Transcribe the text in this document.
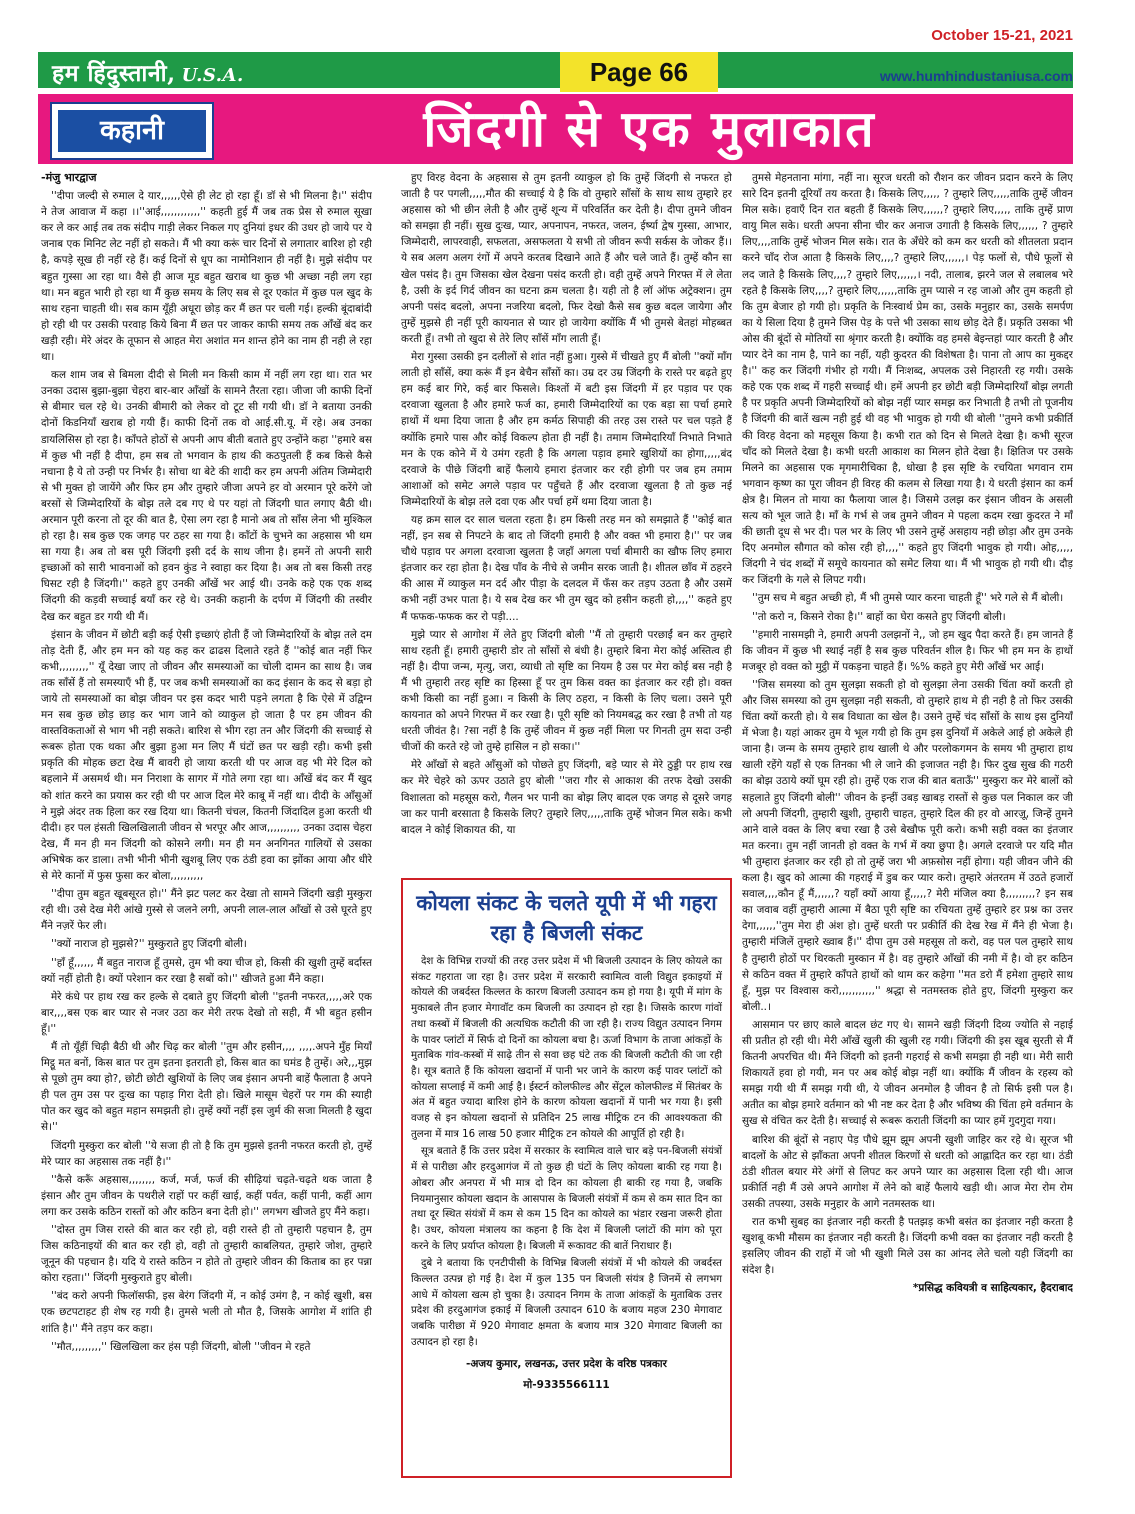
October 15-21, 2021
हम हिंदुस्तानी, U.S.A.	Page 66	www.humhindustaniusa.com
कहानी	जिंदगी से एक मुलाकात

-मंजु भारद्वाज

''दीपा जल्दी से रुमाल दे यार,,,,,,ऐसे ही लेट हो रहा हूँ। डॉ से भी मिलना है।'' संदीप ने तेज आवाज में कहा ।।''आई,,,,,,,,,,,,'' कहती हुई मैं जब तक प्रेस से रुमाल सूखा कर ले कर आई तब तक संदीप गाड़ी लेकर निकल गए दुनियां इधर की उधर हो जाये पर ये जनाब एक मिनिट लेट नहीं हो सकते। मैं भी क्या करूं चार दिनों से लगातार बारिश हो रही है, कपड़े सूख ही नहीं रहे हैं। कई दिनों से धूप का नामोनिशान ही नहीं है। मुझे संदीप पर बहुत गुस्सा आ रहा था। वैसे ही आज मूड बहुत खराब था कुछ भी अच्छा नही लग रहा था। मन बहुत भारी हो रहा था मैं कुछ समय के लिए सब से दूर एकांत में कुछ पल खुद के साथ रहना चाहती थी। सब काम यूँही अधूरा छोड़ कर मैं छत पर चली गई। हल्की बूंदाबांदी हो रही थी पर उसकी परवाह किये बिना मैं छत पर जाकर काफी समय तक आँखें बंद कर खड़ी रही। मेरे अंदर के तूफान से आहत मेरा अशांत मन शान्त होने का नाम ही नही ले रहा था।

कल शाम जब से बिमला दीदी से मिली मन किसी काम में नहीं लग रहा था। रात भर उनका उदास बुझा-बुझा चेहरा बार-बार आँखों के सामने तैरता रहा। जीजा जी काफी दिनों से बीमार चल रहे थे। उनकी बीमारी को लेकर वो टूट सी गयी थी। डॉ ने बताया उनकी दोनों किडनियाँ खराब हो गयी हैं। काफी दिनों तक वो आई.सी.यू. में रहे। अब उनका डायलिसिस हो रहा है। काँपते होठों से अपनी आप बीती बताते हुए उन्होंने कहा ''हमारे बस में कुछ भी नहीं है दीपा, हम सब तो भगवान के हाथ की कठपुतली हैं कब किसे कैसे नचाना है ये तो उन्ही पर निर्भर है। सोचा था बेटे की शादी कर हम अपनी अंतिम जिम्मेदारी से भी मुक्त हो जायेंगे और फिर हम और तुम्हारे जीजा अपने हर वो अरमान पूरे करेंगे जो बरसों से जिम्मेदारियों के बोझ तले दब गए थे पर यहां तो जिंदगी घात लगाए बैठी थी। अरमान पूरी करना तो दूर की बात है, ऐसा लग रहा है मानो अब तो साँस लेना भी मुश्किल हो रहा है। सब कुछ एक जगह पर ठहर सा गया है। काँटों के चुभने का अहसास भी थम सा गया है। अब तो बस पूरी जिंदगी इसी दर्द के साथ जीना है। हमनें तो अपनी सारी इच्छाओं को सारी भावनाओं को हवन कुंड ने स्वाहा कर दिया है। अब तो बस किसी तरह घिसट रही है जिंदगी।'' कहते हुए उनकी आँखें भर आई थी। उनके कहे एक एक शब्द जिंदगी की कड़वी सच्चाई बयाँ कर रहे थे। उनकी कहानी के दर्पण में जिंदगी की तस्वीर देख कर बहुत डर गयी थी मैं।

इंसान के जीवन में छोटी बड़ी कई ऐसी इच्छाएं होती हैं जो जिम्मेदारियों के बोझ तले दम तोड़ देती हैं, और हम मन को यह कह कर ढाढस दिलाते रहते हैं ''कोई बात नहीं फिर कभी,,,,,,,,,'' यूँ देखा जाए तो जीवन और समस्याओं का चोली दामन का साथ है। जब तक साँसें हैं तो समस्याएँ भी हैं, पर जब कभी समस्याओं का कद इंसान के कद से बड़ा हो जाये तो समस्याओं का बोझ जीवन पर इस कदर भारी पड़ने लगता है कि ऐसे में उद्विग्न मन सब कुछ छोड़ छाड़ कर भाग जाने को व्याकुल हो जाता है पर हम जीवन की वास्तविकताओं से भाग भी नही सकते। बारिश से भीग रहा तन और जिंदगी की सच्चाई से रूबरू होता एक थका और बुझा हुआ मन लिए मैं घंटों छत पर खड़ी रही। कभी इसी प्रकृति की मोहक छटा देख मैं बावरी हो जाया करती थी पर आज वह भी मेरे दिल को बहलाने में असमर्थ थी। मन निराशा के सागर में गोते लगा रहा था। आँखें बंद कर मैं खुद को शांत करने का प्रयास कर रही थी पर आज दिल मेरे काबू में नहीं था। दीदी के आँसुओं ने मुझे अंदर तक हिला कर रख दिया था। कितनी चंचल, कितनी जिंदादिल हुआ करती थी दीदी। हर पल हंसती खिलखिलाती जीवन से भरपूर और आज,,,,,,,,,, उनका उदास चेहरा देख, मैं मन ही मन जिंदगी को कोसने लगी। मन ही मन अनगिनत गालियों से उसका अभिषेक कर डाला। तभी भीनी भीनी खुशबू लिए एक ठंडी हवा का झोंका आया और धीरे से मेरे कानों में फुस फुसा कर बोला,,,,,,,,,,

''दीपा तुम बहुत खूबसूरत हो।'' मैंने झट पलट कर देखा तो सामने जिंदगी खड़ी मुस्कुरा रही थी। उसे देख मेरी आंखे गुस्से से जलने लगी, अपनी लाल-लाल आँखों से उसे घूरते हुए मैंने नज़रें फेर ली।

''क्यों नाराज हो मुझसे?'' मुस्कुराते हुए जिंदगी बोली।

''हाँ हूँ,,,,,, मैं बहुत नाराज हूँ तुमसे, तुम भी क्या चीज हो, किसी की खुशी तुम्हें बर्दास्त क्यों नहीं होती है। क्यों परेशान कर रखा है सबों को।'' खीजते हुआ मैंने कहा।

मेरे कंधे पर हाथ रख कर हल्के से दबाते हुए जिंदगी बोली ''इतनी नफरत,,,,,अरे एक बार,,,,बस एक बार प्यार से नजर उठा कर मेरी तरफ देखो तो सही, मैं भी बहुत हसीन हूँ।''

मैं तो यूँहीं चिढ़ी बैठी थी और चिढ़ कर बोली ''तुम और हसीन,,,, ,,,,.अपने मुँह मियाँ मिट्ठू मत बनों, किस बात पर तुम इतना इतराती हो, किस बात का घमंड है तुम्हें। अरे,,,मुझ से पूछो तुम क्या हो?, छोटी छोटी खुशियों के लिए जब इंसान अपनी बाहें फैलाता है अपने ही पल तुम उस पर दुःख का पहाड़ गिरा देती हो। खिले मासूम चेहरों पर गम की स्याही पोत कर खुद को बहुत महान समझती हो। तुम्हें क्यों नहीं इस जुर्म की सजा मिलती है खुदा से।''

जिंदगी मुस्कुरा कर बोली ''ये सजा ही तो है कि तुम मुझसे इतनी नफरत करती हो, तुम्हें मेरे प्यार का अहसास तक नहीं है।''

''कैसे करूँ अहसास,,,,,,,, कर्ज, मर्ज, फर्ज की सीढ़ियां चढ़ते-चढ़ते थक जाता है इंसान और तुम जीवन के पथरीले राहों पर कहीं खाई, कहीं पर्वत, कहीं पानी, कहीं आग लगा कर उसके कठिन रास्तों को और कठिन बना देती हो।'' लगभग खीजते हुए मैंने कहा।

''दोस्त तुम जिस रास्ते की बात कर रही हो, वही रास्ते ही तो तुम्हारी पहचान है, तुम जिस कठिनाइयों की बात कर रही हो, वही तो तुम्हारी काबलियत, तुम्हारे जोश, तुम्हारे जूनून की पहचान है। यदि ये रास्ते कठिन न होते तो तुम्हारे जीवन की किताब का हर पन्ना कोरा रहता।'' जिंदगी मुस्कुराते हुए बोली।

''बंद करो अपनी फिलॉसफी, इस बेरंग जिंदगी में, न कोई उमंग है, न कोई खुशी, बस एक छटपटाहट ही शेष रह गयी है। तुमसे भली तो मौत है, जिसके आगोश में शांति ही शांति है।'' मैंने तड़प कर कहा।

''मौत,,,,,,,,,'' खिलखिला कर हंस पड़ी जिंदगी, बोली ''जीवन मे रहते

हुए विरह वेदना के अहसास से तुम इतनी व्याकुल हो कि तुम्हें जिंदगी से नफरत हो जाती है पर पगली,,,,,मौत की सच्चाई ये है कि वो तुम्हारे साँसों के साथ साथ तुम्हारे हर अहसास को भी छीन लेती है और तुम्हें शून्य में परिवर्तित कर देती है। दीपा तुमने जीवन को समझा ही नहीं। सुख दुःख, प्यार, अपनापन, नफरत, जलन, ईर्ष्या द्वेष गुस्सा, आभार, जिम्मेदारी, लापरवाही, सफलता, असफलता ये सभी तो जीवन रूपी सर्कस के जोकर हैं।। ये सब अलग अलग रंगों में अपने करतब दिखाने आते हैं और चले जाते हैं। तुम्हें कौन सा खेल पसंद है। तुम जिसका खेल देखना पसंद करती हो। वही तुम्हें अपने गिरफ्त में ले लेता है, उसी के इर्द गिर्द जीवन का घटना क्रम चलता है। यही तो है लॉ ऑफ अट्रेक्शन। तुम अपनी पसंद बदलो, अपना नजरिया बदलो, फिर देखो कैसे सब कुछ बदल जायेगा और तुम्हें मुझसे ही नहीं पूरी कायनात से प्यार हो जायेगा क्योंकि मैं भी तुमसे बेतहां मोहब्बत करती हूँ। तभी तो खुदा से तेरे लिए साँसें माँग लाती हूँ।

मेरा गुस्सा उसकी इन दलीलों से शांत नहीं हुआ। गुस्से में चीखते हुए मैं बोली ''क्यों माँग लाती हो साँसें, क्या करूं मैं इन बेचैन साँसों का। उम्र दर उम्र जिंदगी के रास्ते पर बढ़ते हुए हम कई बार गिरे, कई बार फिसले। किश्तों में बटी इस जिंदगी में हर पड़ाव पर एक दरवाजा खुलता है और हमारे फर्ज का, हमारी जिम्मेदारियों का एक बड़ा सा पर्चा हमारे हाथों में थमा दिया जाता है और हम कर्मठ सिपाही की तरह उस रास्ते पर चल पड़ते हैं क्योंकि हमारे पास और कोई विकल्प होता ही नहीं है। तमाम जिम्मेदारियाँ निभाते निभाते मन के एक कोने में ये उमंग रहती है कि अगला पड़ाव हमारे खुशियों का होगा,,,,,बंद दरवाजे के पीछे जिंदगी बाहें फैलाये हमारा इंतजार कर रही होगी पर जब हम तमाम आशाओं को समेट अगले पड़ाव पर पहुँचते हैं और दरवाजा खुलता है तो कुछ नई जिम्मेदारियों के बोझ तले दवा एक और पर्चा हमें थमा दिया जाता है।

यह क्रम साल दर साल चलता रहता है। हम किसी तरह मन को समझाते हैं ''कोई बात नहीं, इन सब से निपटने के बाद तो जिंदगी हमारी है और वक्त भी हमारा है।'' पर जब चौथे पड़ाव पर अगला दरवाजा खुलता है जहाँ अगला पर्चा बीमारी का खौफ लिए हमारा इंतजार कर रहा होता है। देख पाँव के नीचे से जमीन सरक जाती है। शीतल छाँव में ठहरने की आस में व्याकुल मन दर्द और पीड़ा के दलदल में फँस कर तड़प उठता है और उसमें कभी नहीं उभर पाता है। ये सब देख कर भी तुम खुद को हसीन कहती हो,,,,'' कहते हुए मैं फफक-फफक कर रो पड़ी....

मुझे प्यार से आगोश में लेते हुए जिंदगी बोली ''मैं तो तुम्हारी परछाईं बन कर तुम्हारे साथ रहती हूँ। हमारी तुम्हारी डोर तो साँसों से बंधी है। तुम्हारे बिना मेरा कोई अस्तित्व ही नहीं है। दीपा जन्म, मृत्यु, जरा, व्याधी तो सृष्टि का नियम है उस पर मेरा कोई बस नही है मैं भी तुम्हारी तरह सृष्टि का हिस्सा हूँ पर तुम किस वक्त का इंतजार कर रही हो। वक्त कभी किसी का नहीं हुआ। न किसी के लिए ठहरा, न किसी के लिए चला। उसने पूरी कायनात को अपने गिरफ्त में कर रखा है। पूरी सृष्टि को नियमबद्ध कर रखा है तभी तो यह धरती जीवंत है। ?सा नहीं है कि तुम्हें जीवन में कुछ नहीं मिला पर गिनती तुम सदा उन्ही चीजों की करते रहे जो तुम्हे हासिल न हो सका।''

मेरे आँखों से बहते आँसुओं को पोछते हुए जिंदगी, बड़े प्यार से मेरे ठुड्डी पर हाथ रख कर मेरे चेहरे को ऊपर उठाते हुए बोली ''जरा गौर से आकाश की तरफ देखो उसकी विशालता को महसूस करो, गैलन भर पानी का बोझ लिए बादल एक जगह से दूसरे जगह जा कर पानी बरसाता है किसके लिए? तुम्हारे लिए,,,,,ताकि तुम्हें भोजन मिल सके। कभी बादल ने कोई शिकायत की, या

कोयला संकट के चलते यूपी में भी गहरा रहा है बिजली संकट

देश के विभिन्न राज्यों की तरह उत्तर प्रदेश में भी बिजली उत्पादन के लिए कोयले का संकट गहराता जा रहा है। उत्तर प्रदेश में सरकारी स्वामित्व वाली विद्युत इकाइयों में कोयले की जबर्दस्त किल्लत के कारण बिजली उत्पादन कम हो गया है। यूपी में मांग के मुकाबले तीन हजार मेगावॉट कम बिजली का उत्पादन हो रहा है। जिसके कारण गांवों तथा कस्बों में बिजली की अत्यधिक कटौती की जा रही है। राज्य विद्युत उत्पादन निगम के पावर प्लांटों में सिर्फ दो दिनों का कोयला बचा है। ऊर्जा विभाग के ताजा आंकड़ों के मुताबिक गांव-कस्बों में साढ़े तीन से सवा छह घंटे तक की बिजली कटौती की जा रही है। सूत्र बताते हैं कि कोयला खदानों में पानी भर जाने के कारण कई पावर प्लांटों को कोयला सप्लाई में कमी आई है। ईस्टर्न कोलफील्ड और सेंट्रल कोलफील्ड में सितंबर के अंत में बहुत ज्यादा बारिश होने के कारण कोयला खदानों में पानी भर गया है। इसी वजह से इन कोयला खदानों से प्रतिदिन 25 लाख मीट्रिक टन की आवश्यकता की तुलना में मात्र 16 लाख 50 हजार मीट्रिक टन कोयले की आपूर्ति हो रही है।

सूत्र बताते हैं कि उत्तर प्रदेश में सरकार के स्वामित्व वाले चार बड़े पन-बिजली संयंत्रों में से पारीछा और हरदुआगंज में तो कुछ ही घंटों के लिए कोयला बाकी रह गया है। ओबरा और अनपरा में भी मात्र दो दिन का कोयला ही बाकी रह गया है, जबकि नियमानुसार कोयला खदान के आसपास के बिजली संयंत्रों में कम से कम सात दिन का तथा दूर स्थित संयंत्रों में कम से कम 15 दिन का कोयले का भंडार रखना जरूरी होता है। उधर, कोयला मंत्रालय का कहना है कि देश में बिजली प्लांटों की मांग को पूरा करने के लिए प्रर्याप्त कोयला है। बिजली में रूकावट की बातें निराधार हैं।

दुबे ने बताया कि एनटीपीसी के विभिन्न बिजली संयंत्रों में भी कोयले की जबर्दस्त किल्लत उत्पन्न हो गई है। देश में कुल 135 पन बिजली संयंत्र है जिनमें से लगभग आधे में कोयला खत्म हो चुका है। उत्पादन निगम के ताजा आंकड़ों के मुताबिक उत्तर प्रदेश की हरदुआगंज इकाई में बिजली उत्पादन 610 के बजाय महज 230 मेगावाट जबकि पारीछा में 920 मेगावाट क्षमता के बजाय मात्र 320 मेगावाट बिजली का उत्पादन हो रहा है।

-अजय कुमार, लखनऊ, उत्तर प्रदेश के वरिष्ठ पत्रकार
मो-9335566111

तुमसे मेहनताना मांगा, नहीं ना। सूरज धरती को रौशन कर जीवन प्रदान करने के लिए सारे दिन इतनी दूरियाँ तय करता है। किसके लिए,,,,, ? तुम्हारे लिए,,,,,ताकि तुम्हें जीवन मिल सके। हवाएँ दिन रात बहती हैं किसके लिए,,,,,,? तुम्हारे लिए,,,,, ताकि तुम्हें प्राण वायु मिल सके। धरती अपना सीना चीर कर अनाज उगाती है किसके लिए,,,,,, ? तुम्हारे लिए,,,,ताकि तुम्हें भोजन मिल सके। रात के अँधेरे को कम कर धरती को शीतलता प्रदान करने चाँद रोज आता है किसके लिए,,,,? तुम्हारे लिए,,,,,,। पेड़ फलों से, पौधे फूलों से लद जाते है किसके लिए,,,,? तुम्हारे लिए,,,,,,। नदी, तालाब, झरने जल से लबालब भरे रहते है किसके लिए,,,,? तुम्हारे लिए,,,,,,ताकि तुम प्यासे न रह जाओ और तुम कहती हो कि तुम बेजार हो गयी हो। प्रकृति के निःस्वार्थ प्रेम का, उसके मनुहार का, उसके समर्पण का ये सिला दिया है तुमने जिस पेड़ के पत्ते भी उसका साथ छोड़ देते हैं। प्रकृति उसका भी ओस की बूंदों से मोतियों सा श्रृंगार करती है। क्योंकि वह हमसे बेइन्तहां प्यार करती है और प्यार देने का नाम है, पाने का नहीं, यही कुदरत की विशेषता है। पाना तो आप का मुकद्दर है।'' कह कर जिंदगी गंभीर हो गयी। मैं निःशब्द, अपलक उसे निहारती रह गयी। उसके कहे एक एक शब्द में गहरी सच्चाई थी। हमें अपनी हर छोटी बड़ी जिम्मेदारियाँ बोझ लगती है पर प्रकृति अपनी जिम्मेदारियों को बोझ नहीं प्यार समझ कर निभाती है तभी तो पूजनीय है जिंदगी की बातें खत्म नही हुई थी वह भी भावुक हो गयी थी बोली ''तुमने कभी प्रकीर्ति की विरह वेदना को महसूस किया है। कभी रात को दिन से मिलते देखा है। कभी सूरज चाँद को मिलते देखा है। कभी धरती आकाश का मिलन होते देखा है। क्षितिज पर उसके मिलने का अहसास एक मृगमारीचिका है, धोखा है इस सृष्टि के रचयिता भगवान राम भगवान कृष्ण का पूरा जीवन ही विरह की कलम से लिखा गया है। ये धरती इंसान का कर्म क्षेत्र है। मिलन तो माया का फैलाया जाल है। जिसमे उलझ कर इंसान जीवन के असली सत्य को भूल जाते है। माँ के गर्भ से जब तुमने जीवन मे पहला कदम रखा कुदरत ने माँ की छाती दूध से भर दी। पल भर के लिए भी उसने तुम्हें असहाय नही छोड़ा और तुम उनके दिए अनमोल सौगात को कोस रही हो,,,,'' कहते हुए जिंदगी भावुक हो गयी। ओह,,,,, जिंदगी ने चंद शब्दों में समूचे कायनात को समेट लिया था। मैं भी भावुक हो गयी थी। दौड़ कर जिंदगी के गले से लिपट गयी।

''तुम सच मे बहुत अच्छी हो, मैं भी तुमसे प्यार करना चाहती हूँ'' भरे गले से मैं बोली।

''तो करो न, किसने रोका है।'' बाहों का घेरा कसते हुए जिंदगी बोली।

''हमारी नासमझी ने, हमारी अपनी उलझनों ने,, जो हम खुद पैदा करते हैं। हम जानते हैं कि जीवन में कुछ भी स्थाई नहीं है सब कुछ परिवर्तन शील है। फिर भी हम मन के हाथों मजबूर हो वक्त को मुट्ठी में पकड़ना चाहते हैं। %% कहते हुए मेरी आँखें भर आई।

''जिस समस्या को तुम सुलझा सकती हो वो सुलझा लेना उसकी चिंता क्यों करती हो और जिस समस्या को तुम सुलझा नही सकती, वो तुम्हारे हाथ मे ही नही है तो फिर उसकी चिंता क्यों करती हो। ये सब विधाता का खेल है। उसने तुम्हें चंद साँसों के साथ इस दुनियाँ में भेजा है। यहां आकर तुम ये भूल गयी हो कि तुम इस दुनियाँ में अकेले आई हो अकेले ही जाना है। जन्म के समय तुम्हारे हाथ खाली थे और परलोकगमन के समय भी तुम्हारा हाथ खाली रहेंगे यहाँ से एक तिनका भी ले जाने की इजाजत नही है। फिर दुख सुख की गठरी का बोझ उठाये क्यों घूम रही हो। तुम्हें एक राज की बात बताऊँ'' मुस्कुरा कर मेरे बालों को सहलाते हुए जिंदगी बोली'' जीवन के इन्हीं उबड़ खाबड़ रास्तों से कुछ पल निकाल कर जी लो अपनी जिंदगी, तुम्हारी खुशी, तुम्हारी चाहत, तुम्हारे दिल की हर वो आरज़ू, जिन्हें तुमने आने वाले वक्त के लिए बचा रखा है उसे बेखौफ पूरी करो। कभी सही वक्त का इंतजार मत करना। तुम नहीं जानती हो वक्त के गर्भ में क्या छुपा है। अगले दरवाजे पर यदि मौत भी तुम्हारा इंतजार कर रही हो तो तुम्हें जरा भी अफ़सोस नहीं होगा। यही जीवन जीने की कला है। खुद को आत्मा की गहराई में डुब कर प्यार करो। तुम्हारे अंतरतम में उठते हजारों सवाल,,,,कौन हूँ मैं,,,,,,? यहाँ क्यों आया हूँ,,,,,? मेरी मंजिल क्या है,,,,,,,,,? इन सब का जवाब वहीं तुम्हारी आत्मा में बैठा पूरी सृष्टि का रचियता तुम्हें तुम्हारे हर प्रश्न का उत्तर देगा,,,,,,''तुम मेरा ही अंश हो। तुम्हें धरती पर प्रकीर्ति की देख रेख में मैंने ही भेजा है। तुम्हारी मंजिलें तुम्हारे ख्वाब हैं।'' दीपा तुम उसे महसूस तो करो, वह पल पल तुम्हारे साथ है तुम्हारी होठों पर थिरकती मुस्कान में है। वह तुम्हारे आँखों की नमी में है। वो हर कठिन से कठिन वक्त में तुम्हारे काँपते हाथों को थाम कर कहेगा ''मत डरो मैं हमेशा तुम्हारे साथ हूँ, मुझ पर विश्वास करो,,,,,,,,,,,'' श्रद्धा से नतमस्तक होते हुए, जिंदगी मुस्कुरा कर बोली..।

आसमान पर छाए काले बादल छंट गए थे। सामने खड़ी जिंदगी दिव्य ज्योति से नहाई सी प्रतीत हो रही थी। मेरी आँखें खुली की खुली रह गयी। जिंदगी की इस खूब सुरती से मैं कितनी अपरचित थी। मैंने जिंदगी को इतनी गहराई से कभी समझा ही नही था। मेरी सारी शिकायतें हवा हो गयी, मन पर अब कोई बोझ नहीं था। क्योंकि मैं जीवन के रहस्य को समझ गयी थी मैं समझ गयी थी, ये जीवन अनमोल है जीवन है तो सिर्फ इसी पल है। अतीत का बोझ हमारे वर्तमान को भी नष्ट कर देता है और भविष्य की चिंता हमे वर्तमान के सुख से वंचित कर देती है। सच्चाई से रूबरू कराती जिंदगी का प्यार हमें गुदगुदा गया।

बारिश की बूंदों से नहाए पेड़ पौधे झूम झूम अपनी खुशी जाहिर कर रहे थे। सूरज भी बादलों के ओट से झाँकता अपनी शीतल किरणों से धरती को आह्लादित कर रहा था। ठंडी ठंडी शीतल बयार मेरे अंगों से लिपट कर अपने प्यार का अहसास दिला रही थी। आज प्रकीर्ति नही मैं उसे अपने आगोश में लेने को बाहें फैलाये खड़ी थी। आज मेरा रोम रोम उसकी तपस्या, उसके मनुहार के आगे नतमस्तक था।

रात कभी सुबह का इंतजार नही करती है पतझड़ कभी बसंत का इंतजार नही करता है खुशबू कभी मौसम का इंतजार नही करती है। जिंदगी कभी वक्त का इंतजार नही करती है इसलिए जीवन की राहों में जो भी खुशी मिले उस का आंनद लेते चलो यही जिंदगी का संदेश है।

*प्रसिद्ध कवियत्री व साहित्यकार, हैदराबाद
